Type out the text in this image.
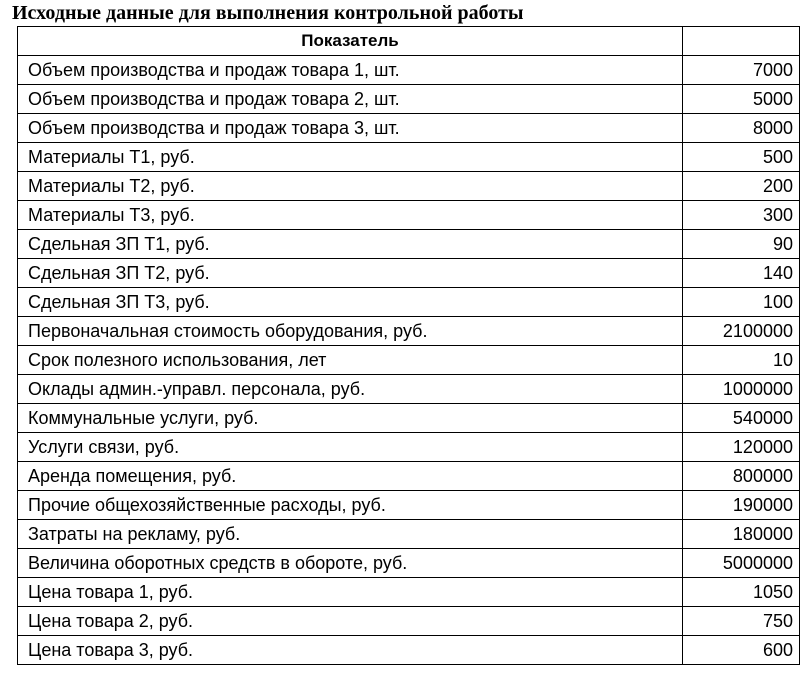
Исходные данные для выполнения контрольной работы
Показатель	
Объем производства и продаж товара 1, шт.	7000
Объем производства и продаж товара 2, шт.	5000
Объем производства и продаж товара 3, шт.	8000
Материалы Т1, руб.	500
Материалы Т2, руб.	200
Материалы Т3, руб.	300
Сдельная ЗП Т1, руб.	90
Сдельная ЗП Т2, руб.	140
Сдельная ЗП Т3, руб.	100
Первоначальная стоимость оборудования, руб.	2100000
Срок полезного использования, лет	10
Оклады админ.-управл. персонала, руб.	1000000
Коммунальные услуги, руб.	540000
Услуги связи, руб.	120000
Аренда помещения, руб.	800000
Прочие общехозяйственные расходы, руб.	190000
Затраты на рекламу, руб.	180000
Величина оборотных средств в обороте, руб.	5000000
Цена товара 1, руб.	1050
Цена товара 2, руб.	750
Цена товара 3, руб.	600
